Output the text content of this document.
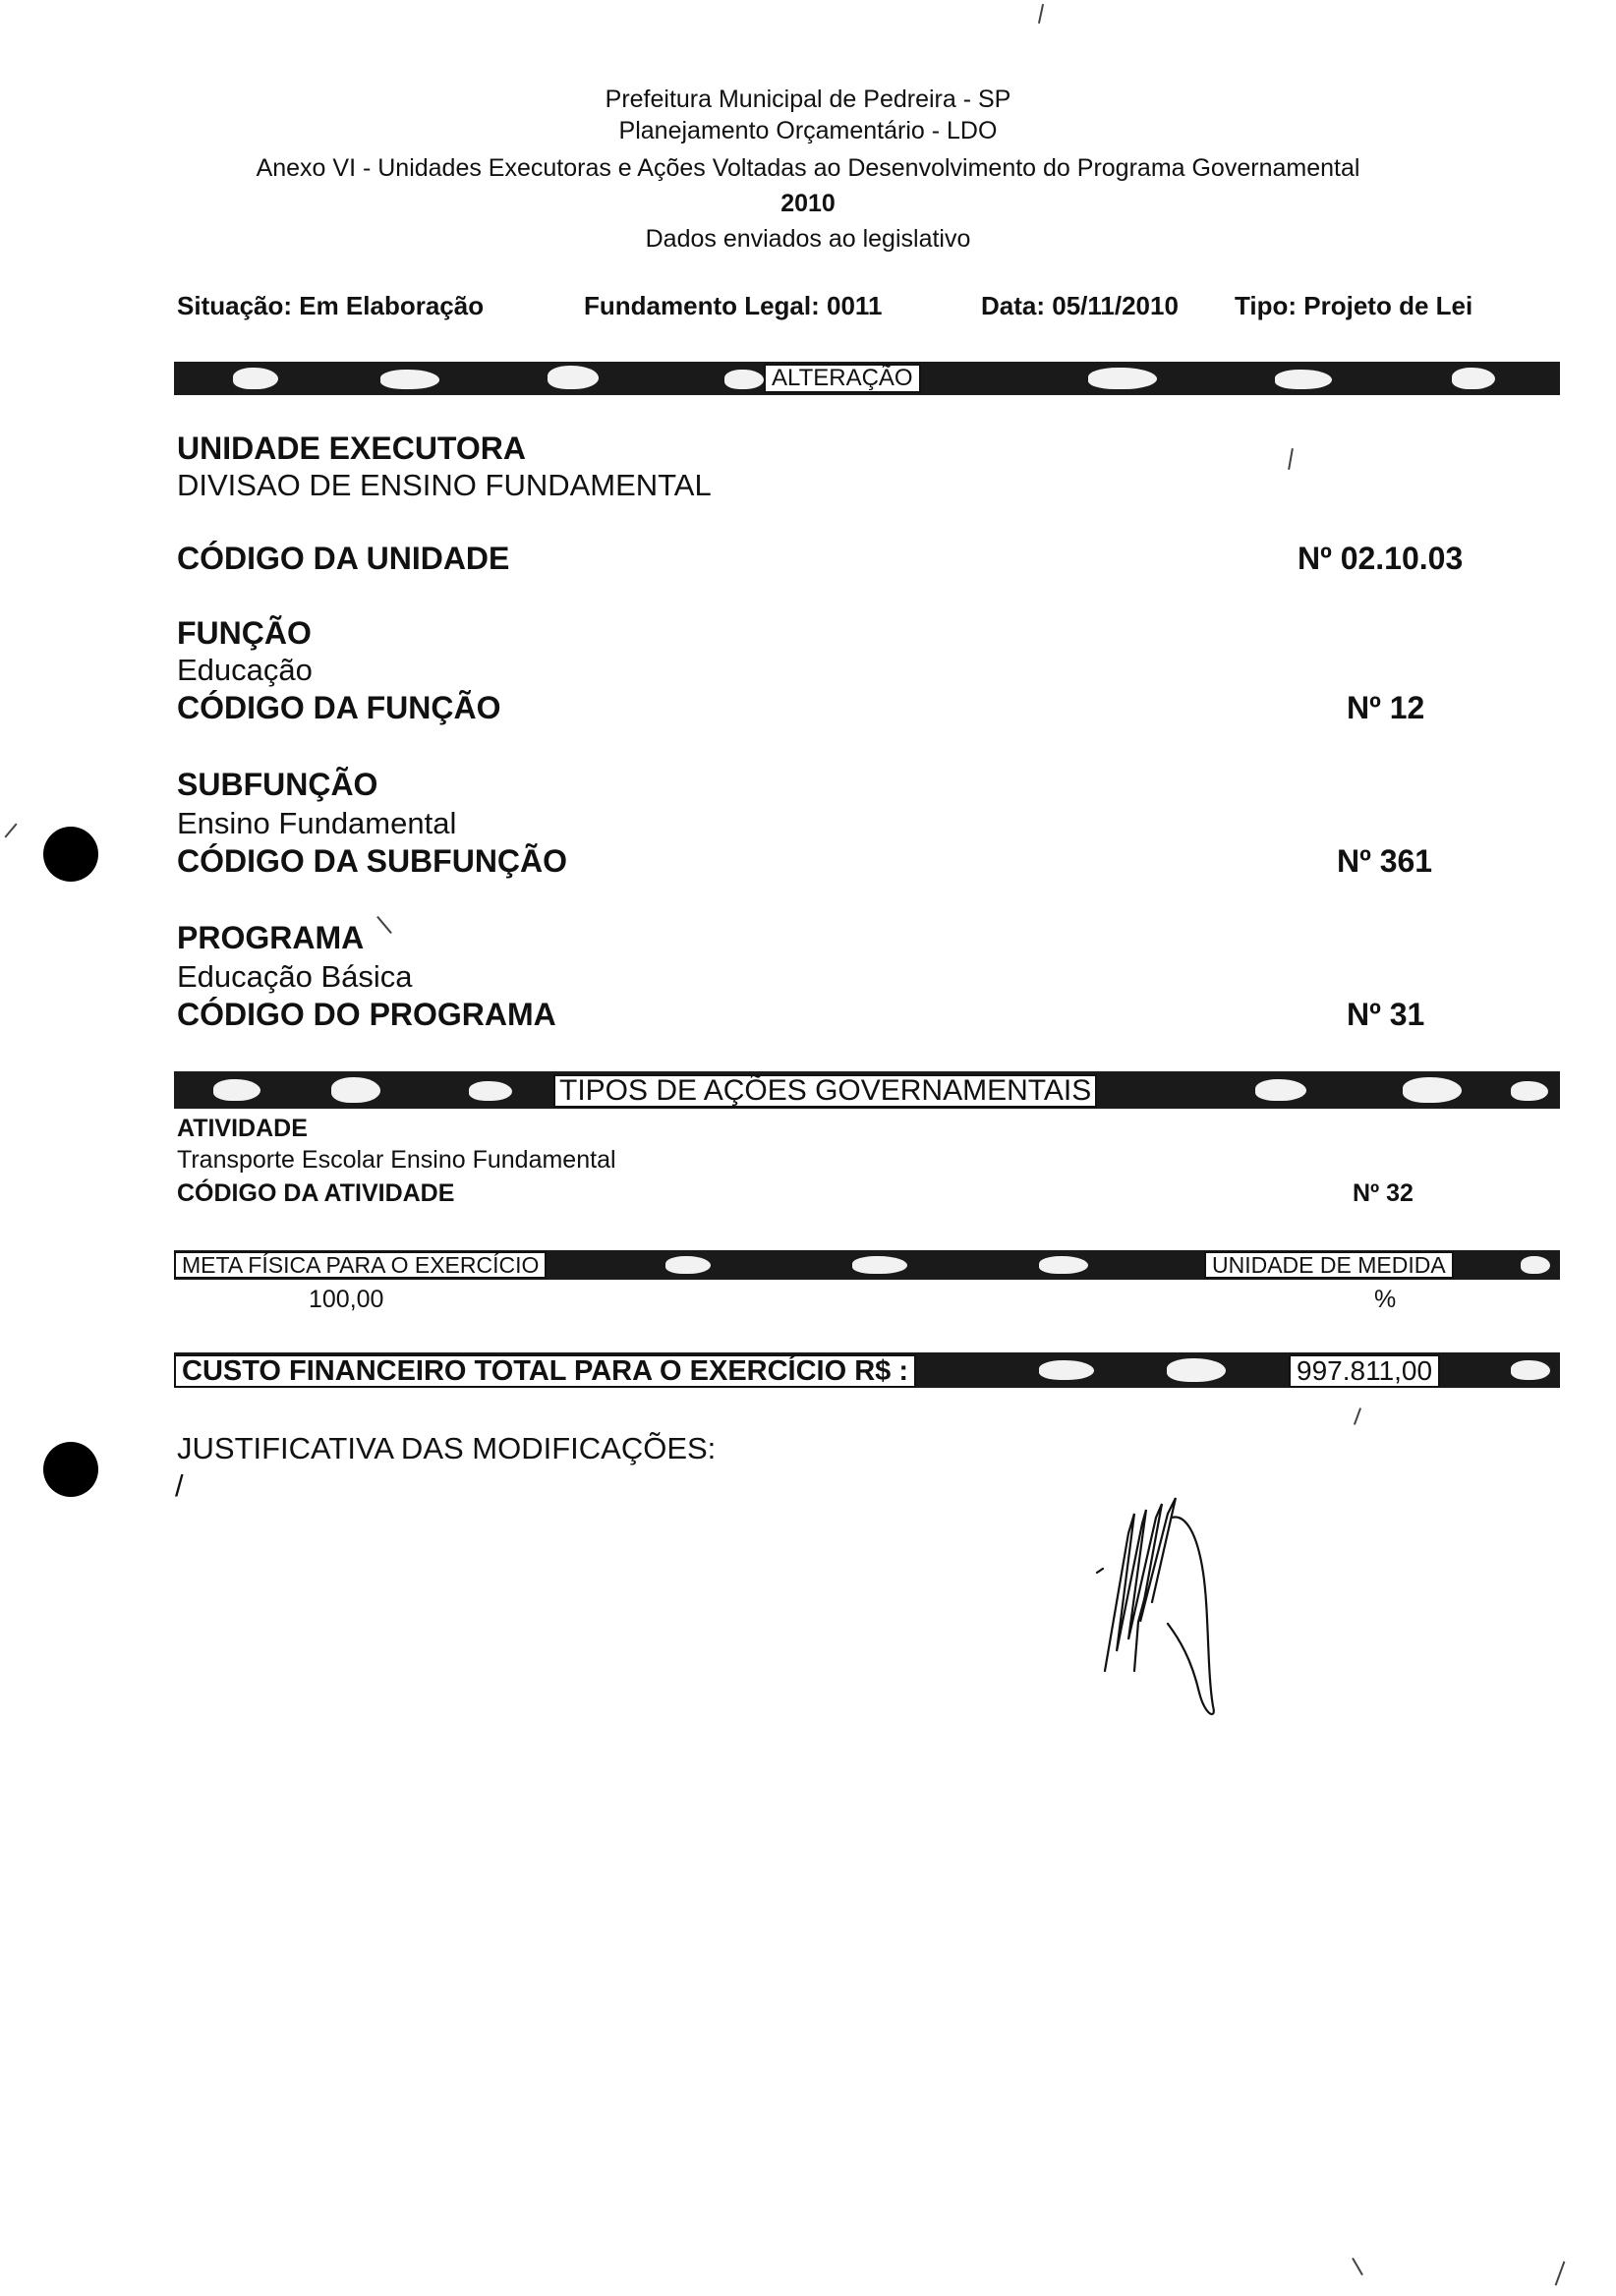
Prefeitura Municipal de Pedreira - SP
Planejamento Orçamentário - LDO
Anexo VI - Unidades Executoras e Ações Voltadas ao Desenvolvimento do Programa Governamental
2010
Dados enviados ao legislativo
Situação: Em Elaboração	Fundamento Legal: 0011	Data: 05/11/2010 Tipo: Projeto de Lei
ALTERAÇÃO
UNIDADE EXECUTORA
DIVISAO DE ENSINO FUNDAMENTAL
CÓDIGO DA UNIDADE	Nº 02.10.03
FUNÇÃO
Educação
CÓDIGO DA FUNÇÃO	Nº 12
SUBFUNÇÃO
Ensino Fundamental
CÓDIGO DA SUBFUNÇÃO	Nº 361
PROGRAMA
Educação Básica
CÓDIGO DO PROGRAMA	Nº 31
TIPOS DE AÇÕES GOVERNAMENTAIS
ATIVIDADE
Transporte Escolar Ensino Fundamental
CÓDIGO DA ATIVIDADE	Nº 32
META FÍSICA PARA O EXERCÍCIO	UNIDADE DE MEDIDA
100,00	%
CUSTO FINANCEIRO TOTAL PARA O EXERCÍCIO R$ :	997.811,00
JUSTIFICATIVA DAS MODIFICAÇÕES:
/
